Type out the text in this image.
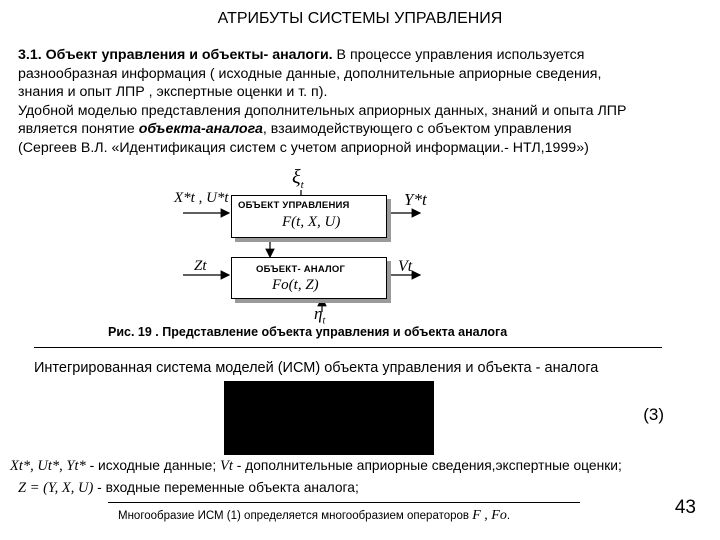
АТРИБУТЫ СИСТЕМЫ УПРАВЛЕНИЯ
3.1. Объект управления и объекты- аналоги. В процессе управления используется
разнообразная информация ( исходные данные, дополнительные априорные сведения,
знания и опыт ЛПР , экспертные оценки и т. п).
Удобной моделью представления дополнительных априорных данных, знаний и опыта ЛПР
является понятие объекта-аналога, взаимодействующего с объектом управления
(Сергеев В.Л. «Идентификация систем с учетом априорной информации.- НТЛ,1999»)
$\xi_t$
ОБЪЕКТ УПРАВЛЕНИЯ
F(t, X, U)
X*t , U*t	Y*t
ОБЪЕКТ- АНАЛОГ
Fo(t, Z)
Zt	Vt
$\eta_t$
Рис. 19 . Представление объекта управления и объекта аналога
Интегрированная система моделей (ИСМ) объекта управления и объекта - аналога
(3)
Xt*, Ut*, Yt* - исходные данные; Vt - дополнительные априорные сведения,экспертные оценки;
Z = (Y, X, U) - входные переменные объекта аналога;
Многообразие ИСМ (1) определяется многообразием операторов F , Fo.	43
